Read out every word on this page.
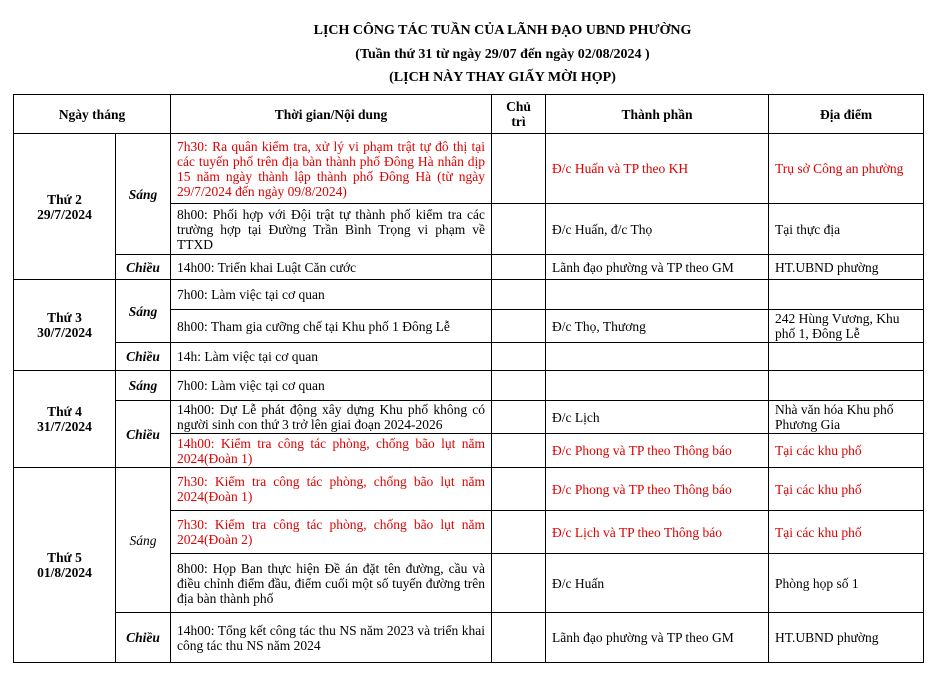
LỊCH CÔNG TÁC TUẦN CỦA LÃNH ĐẠO UBND PHƯỜNG
(Tuần thứ 31 từ ngày 29/07 đến ngày 02/08/2024 )
(LỊCH NÀY THAY GIẤY MỜI HỌP)
Ngày tháng		Thời gian/Nội dung	Chủ trì	Thành phần	Địa điểm

Thứ 2
29/7/2024	Sáng	7h30: Ra quân kiểm tra, xử lý vi phạm trật tự đô thị tại các tuyến phố trên địa bàn thành phố Đông Hà nhân dịp 15 năm ngày thành lập thành phố Đông Hà (từ ngày 29/7/2024 đến ngày 09/8/2024)		Đ/c Huấn và TP theo KH	Trụ sở Công an phường
		8h00: Phối hợp với Đội trật tự thành phố kiểm tra các trường hợp tại Đường Trần Bình Trọng vi phạm về TTXD		Đ/c Huấn, đ/c Thọ	Tại thực địa
	Chiều	14h00: Triển khai Luật Căn cước		Lãnh đạo phường và TP theo GM	HT.UBND phường

Thứ 3
30/7/2024	Sáng	7h00: Làm việc tại cơ quan			
		8h00: Tham gia cưỡng chế tại Khu phố 1 Đông Lễ		Đ/c Thọ, Thương	242 Hùng Vương, Khu phố 1, Đông Lễ
	Chiều	14h: Làm việc tại cơ quan			

Thứ 4
31/7/2024	Sáng	7h00: Làm việc tại cơ quan			
	Chiều	14h00: Dự Lễ phát động xây dựng Khu phố không có người sinh con thứ 3 trở lên giai đoạn 2024-2026		Đ/c Lịch	Nhà văn hóa Khu phố Phương Gia
		14h00: Kiểm tra công tác phòng, chống bão lụt năm 2024(Đoàn 1)		Đ/c Phong và TP theo Thông báo	Tại các khu phố

Thứ 5
01/8/2024	Sáng	7h30: Kiểm tra công tác phòng, chống bão lụt năm 2024(Đoàn 1)		Đ/c Phong và TP theo Thông báo	Tại các khu phố
		7h30: Kiểm tra công tác phòng, chống bão lụt năm 2024(Đoàn 2)		Đ/c Lịch và TP theo Thông báo	Tại các khu phố
		8h00: Họp Ban thực hiện Đề án đặt tên đường, cầu và điều chỉnh điểm đầu, điểm cuối một số tuyến đường trên địa bàn thành phố		Đ/c Huấn	Phòng họp số 1
	Chiều	14h00: Tổng kết công tác thu NS năm 2023 và triển khai công tác thu NS năm 2024		Lãnh đạo phường và TP theo GM	HT.UBND phường
